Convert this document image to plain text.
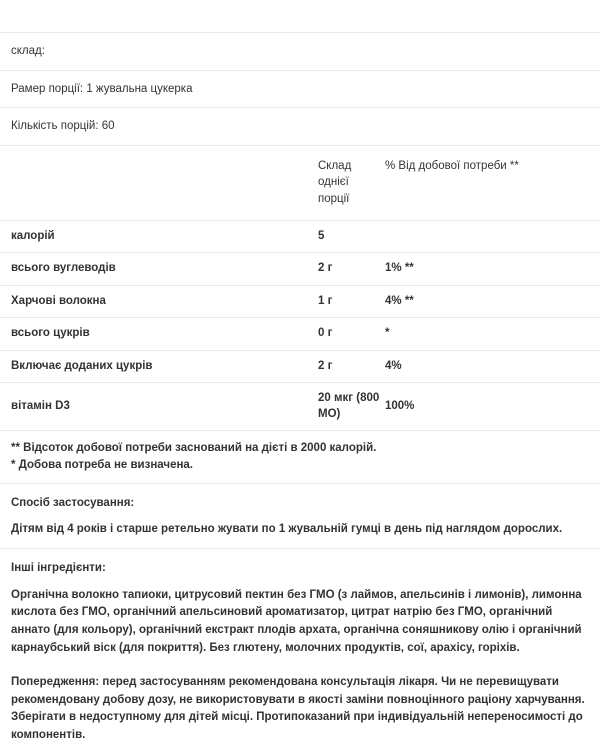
склад:
Рамер порції: 1 жувальна цукерка
Кількість порцій: 60
	Склад однієї порції	% Від добової потреби **
калорій	5	
всього вуглеводів	2 г	1% **
Харчові волокна	1 г	4% **
всього цукрів	0 г	*
Включає доданих цукрів	2 г	4%
вітамін D3	20 мкг (800 МО)	100%
** Відсоток добової потреби заснований на дієті в 2000 калорій.
* Добова потреба не визначена.
Спосіб застосування:
Дітям від 4 років і старше ретельно жувати по 1 жувальній гумці в день під наглядом дорослих.
Інші інгредієнти:
Органічна волокно тапиоки, цитрусовий пектин без ГМО (з лаймов, апельсинів і лимонів), лимонна кислота без ГМО, органічний апельсиновий ароматизатор, цитрат натрію без ГМО, органічний аннато (для кольору), органічний екстракт плодів архата, органічна соняшникову олію і органічний карнаубський віск (для покриття). Без глютену, молочних продуктів, сої, арахісу, горіхів.
Попередження: перед застосуванням рекомендована консультація лікаря. Чи не перевищувати рекомендовану добову дозу, не використовувати в якості заміни повноцінного раціону харчування. Зберігати в недоступному для дітей місці. Протипоказаний при індивідуальній непереносимості до компонентів.
